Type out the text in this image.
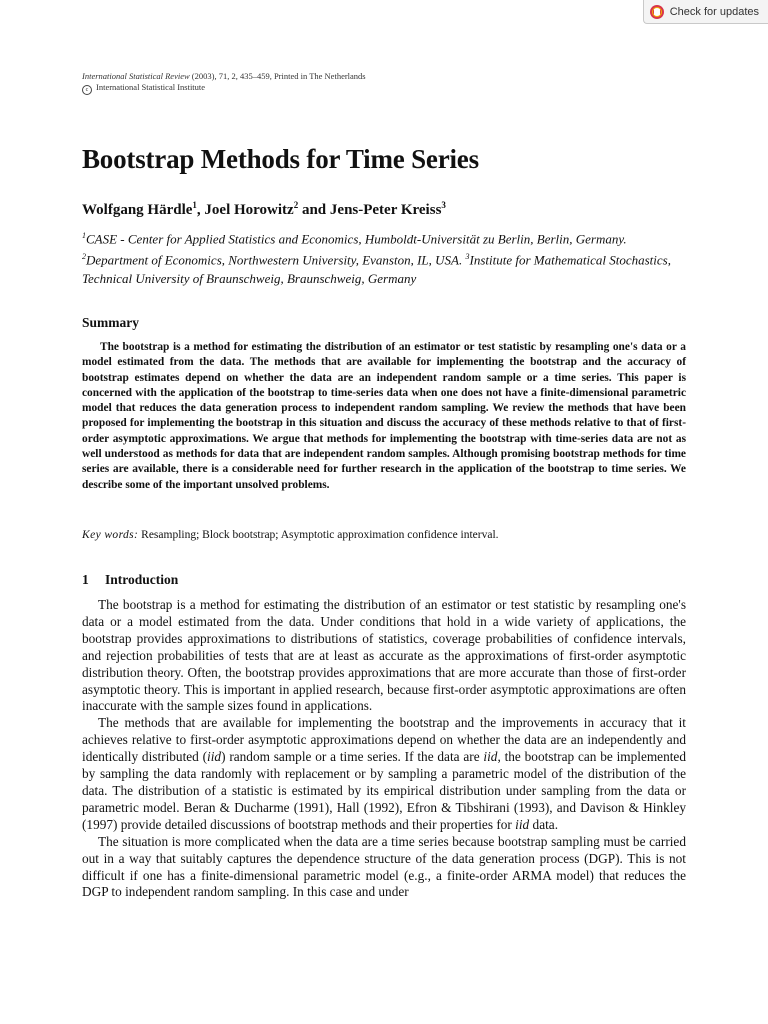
Check for updates
International Statistical Review (2003), 71, 2, 435–459, Printed in The Netherlands
c International Statistical Institute
Bootstrap Methods for Time Series
Wolfgang Härdle$^1$, Joel Horowitz$^2$ and Jens-Peter Kreiss$^3$
$^1$CASE - Center for Applied Statistics and Economics, Humboldt-Universität zu Berlin, Berlin, Germany. $^2$Department of Economics, Northwestern University, Evanston, IL, USA. $^3$Institute for Mathematical Stochastics, Technical University of Braunschweig, Braunschweig, Germany
Summary
The bootstrap is a method for estimating the distribution of an estimator or test statistic by resampling one's data or a model estimated from the data. The methods that are available for implementing the bootstrap and the accuracy of bootstrap estimates depend on whether the data are an independent random sample or a time series. This paper is concerned with the application of the bootstrap to time-series data when one does not have a finite-dimensional parametric model that reduces the data generation process to independent random sampling. We review the methods that have been proposed for implementing the bootstrap in this situation and discuss the accuracy of these methods relative to that of first-order asymptotic approximations. We argue that methods for implementing the bootstrap with time-series data are not as well understood as methods for data that are independent random samples. Although promising bootstrap methods for time series are available, there is a considerable need for further research in the application of the bootstrap to time series. We describe some of the important unsolved problems.
Key words: Resampling; Block bootstrap; Asymptotic approximation confidence interval.
1 Introduction

The bootstrap is a method for estimating the distribution of an estimator or test statistic by resampling one's data or a model estimated from the data. Under conditions that hold in a wide variety of applications, the bootstrap provides approximations to distributions of statistics, coverage probabilities of confidence intervals, and rejection probabilities of tests that are at least as accurate as the approximations of first-order asymptotic distribution theory. Often, the bootstrap provides approximations that are more accurate than those of first-order asymptotic theory. This is important in applied research, because first-order asymptotic approximations are often inaccurate with the sample sizes found in applications.

The methods that are available for implementing the bootstrap and the improvements in accuracy that it achieves relative to first-order asymptotic approximations depend on whether the data are an independently and identically distributed (iid) random sample or a time series. If the data are iid, the bootstrap can be implemented by sampling the data randomly with replacement or by sampling a parametric model of the distribution of the data. The distribution of a statistic is estimated by its empirical distribution under sampling from the data or parametric model. Beran & Ducharme (1991), Hall (1992), Efron & Tibshirani (1993), and Davison & Hinkley (1997) provide detailed discussions of bootstrap methods and their properties for iid data.

The situation is more complicated when the data are a time series because bootstrap sampling must be carried out in a way that suitably captures the dependence structure of the data generation process (DGP). This is not difficult if one has a finite-dimensional parametric model (e.g., a finite-order ARMA model) that reduces the DGP to independent random sampling. In this case and under
